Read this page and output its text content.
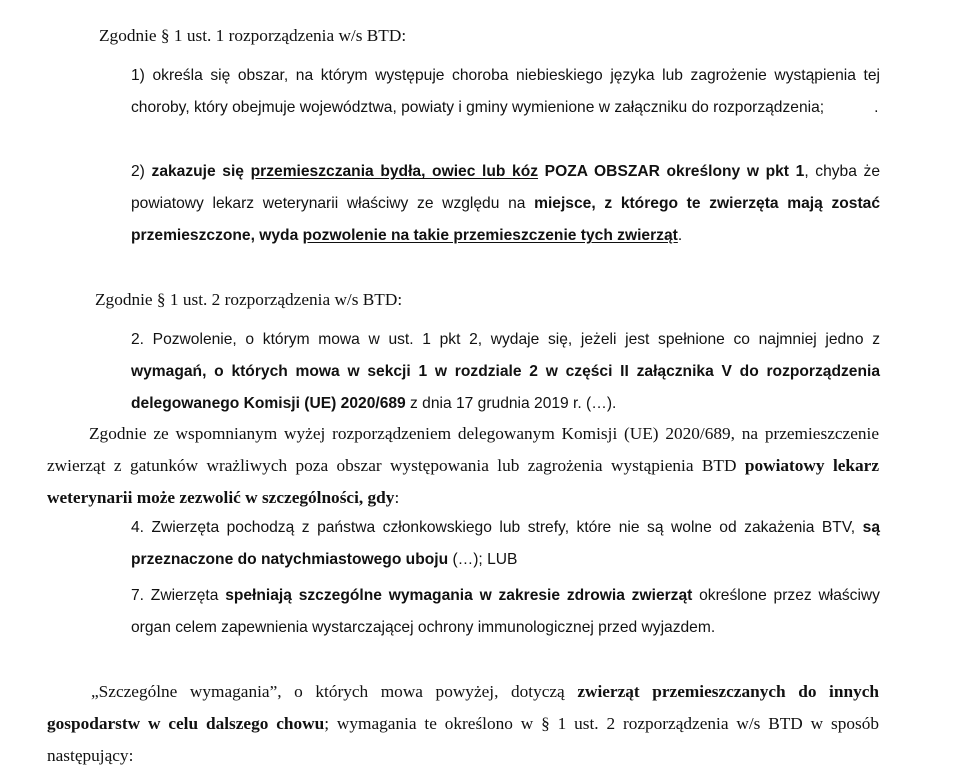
Zgodnie § 1 ust. 1 rozporządzenia w/s BTD:

1) określa się obszar, na którym występuje choroba niebieskiego języka lub zagrożenie wystąpienia tej choroby, który obejmuje województwa, powiaty i gminy wymienione w załączniku do rozporządzenia;	.

2) zakazuje się przemieszczania bydła, owiec lub kóz POZA OBSZAR określony w pkt 1, chyba że powiatowy lekarz weterynarii właściwy ze względu na miejsce, z którego te zwierzęta mają zostać przemieszczone, wyda pozwolenie na takie przemieszczenie tych zwierząt.

Zgodnie § 1 ust. 2 rozporządzenia w/s BTD:

2. Pozwolenie, o którym mowa w ust. 1 pkt 2, wydaje się, jeżeli jest spełnione co najmniej jedno z wymagań, o których mowa w sekcji 1 w rozdziale 2 w części II załącznika V do rozporządzenia delegowanego Komisji (UE) 2020/689 z dnia 17 grudnia 2019 r. (…).

Zgodnie ze wspomnianym wyżej rozporządzeniem delegowanym Komisji (UE) 2020/689, na przemieszczenie zwierząt z gatunków wrażliwych poza obszar występowania lub zagrożenia wystąpienia BTD powiatowy lekarz weterynarii może zezwolić w szczególności, gdy:

4. Zwierzęta pochodzą z państwa członkowskiego lub strefy, które nie są wolne od zakażenia BTV, są przeznaczone do natychmiastowego uboju (…); LUB

7. Zwierzęta spełniają szczególne wymagania w zakresie zdrowia zwierząt określone przez właściwy organ celem zapewnienia wystarczającej ochrony immunologicznej przed wyjazdem.

„Szczególne wymagania”, o których mowa powyżej, dotyczą zwierząt przemieszczanych do innych gospodarstw w celu dalszego chowu; wymagania te określono w § 1 ust. 2 rozporządzenia w/s BTD w sposób następujący:
